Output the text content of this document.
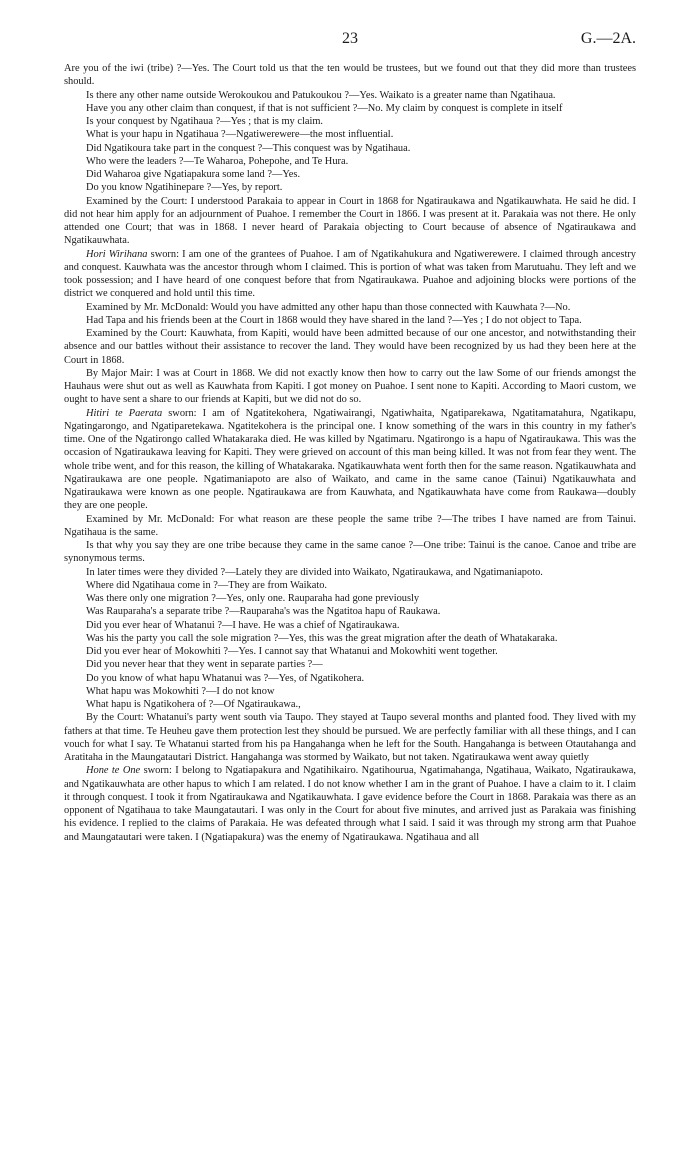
23	G.—2A.

Are you of the iwi (tribe) ?—Yes. The Court told us that the ten would be trustees, but we found out that they did more than trustees should.

Is there any other name outside Werokoukou and Patukoukou ?—Yes. Waikato is a greater name than Ngatihaua.

Have you any other claim than conquest, if that is not sufficient ?—No. My claim by conquest is complete in itself

Is your conquest by Ngatihaua ?—Yes ; that is my claim.

What is your hapu in Ngatihaua ?—Ngatiwerewere—the most influential.

Did Ngatikoura take part in the conquest ?—This conquest was by Ngatihaua.

Who were the leaders ?—Te Waharoa, Pohepohe, and Te Hura.

Did Waharoa give Ngatiapakura some land ?—Yes.

Do you know Ngatihinepare ?—Yes, by report.

Examined by the Court: I understood Parakaia to appear in Court in 1868 for Ngatiraukawa and Ngatikauwhata. He said he did. I did not hear him apply for an adjournment of Puahoe. I remember the Court in 1866. I was present at it. Parakaia was not there. He only attended one Court; that was in 1868. I never heard of Parakaia objecting to Court because of absence of Ngatiraukawa and Ngatikauwhata.

Hori Wirihana sworn: I am one of the grantees of Puahoe. I am of Ngatikahukura and Ngatiwerewere. I claimed through ancestry and conquest. Kauwhata was the ancestor through whom I claimed. This is portion of what was taken from Marutuahu. They left and we took possession; and I have heard of one conquest before that from Ngatiraukawa. Puahoe and adjoining blocks were portions of the district we conquered and hold until this time.

Examined by Mr. McDonald: Would you have admitted any other hapu than those connected with Kauwhata ?—No.

Had Tapa and his friends been at the Court in 1868 would they have shared in the land ?—Yes ; I do not object to Tapa.

Examined by the Court: Kauwhata, from Kapiti, would have been admitted because of our one ancestor, and notwithstanding their absence and our battles without their assistance to recover the land. They would have been recognized by us had they been here at the Court in 1868.

By Major Mair: I was at Court in 1868. We did not exactly know then how to carry out the law Some of our friends amongst the Hauhaus were shut out as well as Kauwhata from Kapiti. I got money on Puahoe. I sent none to Kapiti. According to Maori custom, we ought to have sent a share to our friends at Kapiti, but we did not do so.

Hitiri te Paerata sworn: I am of Ngatitekohera, Ngatiwairangi, Ngatiwhaita, Ngatiparekawa, Ngatitamatahura, Ngatikapu, Ngatingarongo, and Ngatiparetekawa. Ngatitekohera is the principal one. I know something of the wars in this country in my father's time. One of the Ngatirongo called Whatakaraka died. He was killed by Ngatimaru. Ngatirongo is a hapu of Ngatiraukawa. This was the occasion of Ngatiraukawa leaving for Kapiti. They were grieved on account of this man being killed. It was not from fear they went. The whole tribe went, and for this reason, the killing of Whatakaraka. Ngatikauwhata went forth then for the same reason. Ngatikauwhata and Ngatiraukawa are one people. Ngatimaniapoto are also of Waikato, and came in the same canoe (Tainui) Ngatikauwhata and Ngatiraukawa were known as one people. Ngatiraukawa are from Kauwhata, and Ngatikauwhata have come from Raukawa—doubly they are one people.

Examined by Mr. McDonald: For what reason are these people the same tribe ?—The tribes I have named are from Tainui. Ngatihaua is the same.

Is that why you say they are one tribe because they came in the same canoe ?—One tribe: Tainui is the canoe. Canoe and tribe are synonymous terms.

In later times were they divided ?—Lately they are divided into Waikato, Ngatiraukawa, and Ngatimaniapoto.

Where did Ngatihaua come in ?—They are from Waikato.

Was there only one migration ?—Yes, only one. Rauparaha had gone previously

Was Rauparaha's a separate tribe ?—Rauparaha's was the Ngatitoa hapu of Raukawa.

Did you ever hear of Whatanui ?—I have. He was a chief of Ngatiraukawa.

Was his the party you call the sole migration ?—Yes, this was the great migration after the death of Whatakaraka.

Did you ever hear of Mokowhiti ?—Yes. I cannot say that Whatanui and Mokowhiti went together.

Did you never hear that they went in separate parties ?—

Do you know of what hapu Whatanui was ?—Yes, of Ngatikohera.

What hapu was Mokowhiti ?—I do not know

What hapu is Ngatikohera of ?—Of Ngatiraukawa.,

By the Court: Whatanui's party went south via Taupo. They stayed at Taupo several months and planted food. They lived with my fathers at that time. Te Heuheu gave them protection lest they should be pursued. We are perfectly familiar with all these things, and I can vouch for what I say. Te Whatanui started from his pa Hangahanga when he left for the South. Hangahanga is between Otautahanga and Aratitaha in the Maungatautari District. Hangahanga was stormed by Waikato, but not taken. Ngatiraukawa went away quietly

Hone te One sworn: I belong to Ngatiapakura and Ngatihikairo. Ngatihourua, Ngatimahanga, Ngatihaua, Waikato, Ngatiraukawa, and Ngatikauwhata are other hapus to which I am related. I do not know whether I am in the grant of Puahoe. I have a claim to it. I claim it through conquest. I took it from Ngatiraukawa and Ngatikauwhata. I gave evidence before the Court in 1868. Parakaia was there as an opponent of Ngatihaua to take Maungatautari. I was only in the Court for about five minutes, and arrived just as Parakaia was finishing his evidence. I replied to the claims of Parakaia. He was defeated through what I said. I said it was through my strong arm that Puahoe and Maungatautari were taken. I (Ngatiapakura) was the enemy of Ngatiraukawa. Ngatihaua and all
